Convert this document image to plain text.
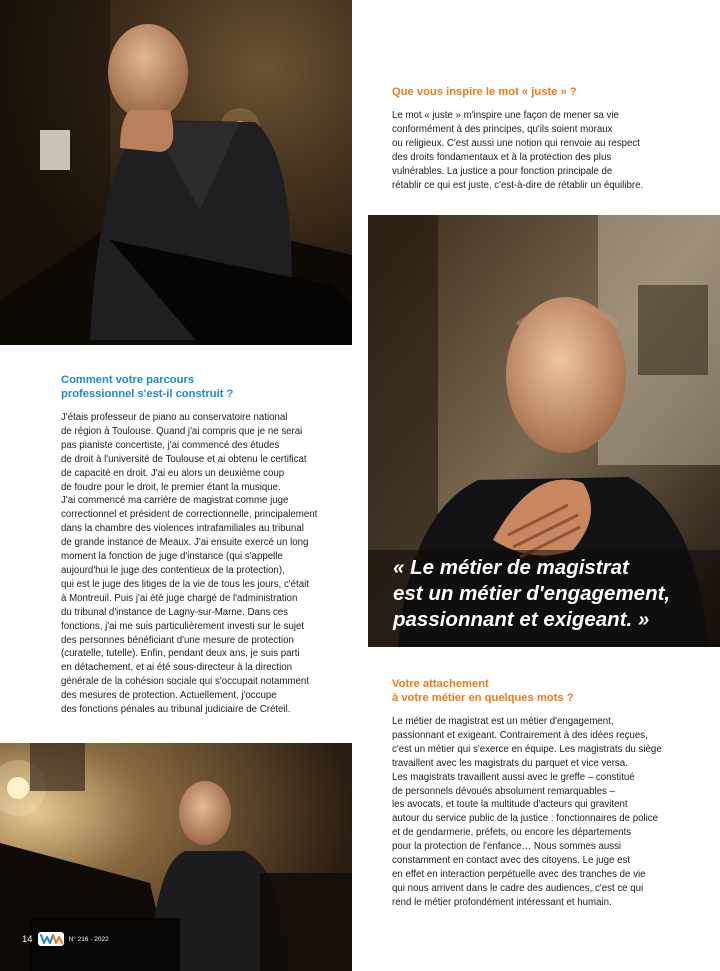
Que vous inspire le mot « juste » ?

Le mot « juste » m'inspire une façon de mener sa vie
conformément à des principes, qu'ils soient moraux
ou religieux. C'est aussi une notion qui renvoie au respect
des droits fondamentaux et à la protection des plus
vulnérables. La justice a pour fonction principale de
rétablir ce qui est juste, c'est-à-dire de rétablir un équilibre.

Comment votre parcours
professionnel s'est-il construit ?

J'étais professeur de piano au conservatoire national
de région à Toulouse. Quand j'ai compris que je ne serai
pas pianiste concertiste, j'ai commencé des études
de droit à l'université de Toulouse et ai obtenu le certificat
de capacité en droit. J'ai eu alors un deuxième coup
de foudre pour le droit, le premier étant la musique.
J'ai commencé ma carrière de magistrat comme juge
correctionnel et président de correctionnelle, principalement
dans la chambre des violences intrafamiliales au tribunal
de grande instance de Meaux. J'ai ensuite exercé un long
moment la fonction de juge d'instance (qui s'appelle
aujourd'hui le juge des contentieux de la protection),
qui est le juge des litiges de la vie de tous les jours, c'était
à Montreuil. Puis j'ai été juge chargé de l'administration
du tribunal d'instance de Lagny-sur-Marne. Dans ces
fonctions, j'ai me suis particulièrement investi sur le sujet
des personnes bénéficiant d'une mesure de protection
(curatelle, tutelle). Enfin, pendant deux ans, je suis parti
en détachement, et ai été sous-directeur à la direction
générale de la cohésion sociale qui s'occupait notamment
des mesures de protection. Actuellement, j'occupe
des fonctions pénales au tribunal judiciaire de Créteil.

« Le métier de magistrat
est un métier d'engagement,
passionnant et exigeant. »
Votre attachement
à votre métier en quelques mots ?

Le métier de magistrat est un métier d'engagement,
passionnant et exigeant. Contrairement à des idées reçues,
c'est un métier qui s'exerce en équipe. Les magistrats du siège
travaillent avec les magistrats du parquet et vice versa.
Les magistrats travaillent aussi avec le greffe – constitué
de personnels dévoués absolument remarquables –
les avocats, et toute la multitude d'acteurs qui gravitent
autour du service public de la justice : fonctionnaires de police
et de gendarmerie, préfets, ou encore les départements
pour la protection de l'enfance… Nous sommes aussi
constamment en contact avec des citoyens. Le juge est
en effet en interaction perpétuelle avec des tranches de vie
qui nous arrivent dans le cadre des audiences, c'est ce qui
rend le métier profondément intéressant et humain.

14	N° 216 - 2022
